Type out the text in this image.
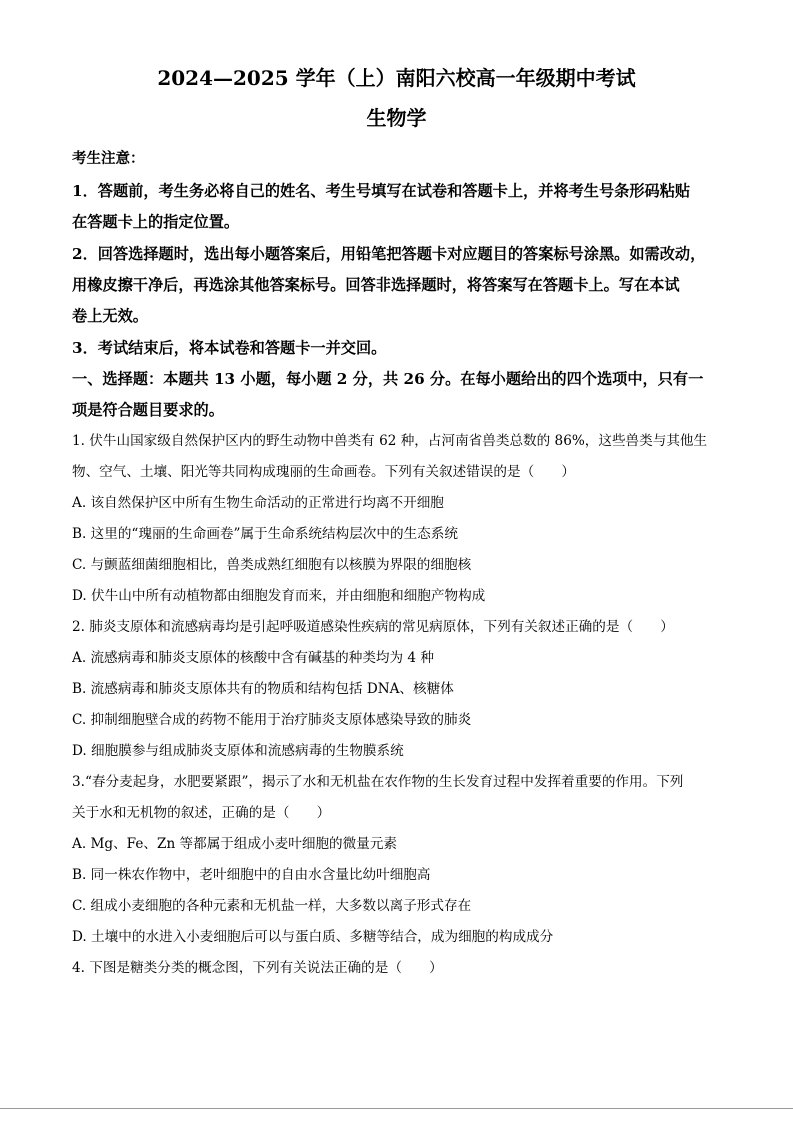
2024—2025 学年（上）南阳六校高一年级期中考试
生物学
考生注意：
1．答题前，考生务必将自己的姓名、考生号填写在试卷和答题卡上，并将考生号条形码粘贴
在答题卡上的指定位置。
2．回答选择题时，选出每小题答案后，用铅笔把答题卡对应题目的答案标号涂黑。如需改动，
用橡皮擦干净后，再选涂其他答案标号。回答非选择题时，将答案写在答题卡上。写在本试
卷上无效。
3．考试结束后，将本试卷和答题卡一并交回。
一、选择题：本题共 13 小题，每小题 2 分，共 26 分。在每小题给出的四个选项中，只有一
项是符合题目要求的。
1. 伏牛山国家级自然保护区内的野生动物中兽类有 62 种，占河南省兽类总数的 86%，这些兽类与其他生
物、空气、土壤、阳光等共同构成瑰丽的生命画卷。下列有关叙述错误的是（　　）
A. 该自然保护区中所有生物生命活动的正常进行均离不开细胞
B. 这里的“瑰丽的生命画卷”属于生命系统结构层次中的生态系统
C. 与颤蓝细菌细胞相比，兽类成熟红细胞有以核膜为界限的细胞核
D. 伏牛山中所有动植物都由细胞发育而来，并由细胞和细胞产物构成
2. 肺炎支原体和流感病毒均是引起呼吸道感染性疾病的常见病原体，下列有关叙述正确的是（　　）
A. 流感病毒和肺炎支原体的核酸中含有碱基的种类均为 4 种
B. 流感病毒和肺炎支原体共有的物质和结构包括 DNA、核糖体
C. 抑制细胞壁合成的药物不能用于治疗肺炎支原体感染导致的肺炎
D. 细胞膜参与组成肺炎支原体和流感病毒的生物膜系统
3.“春分麦起身，水肥要紧跟”，揭示了水和无机盐在农作物的生长发育过程中发挥着重要的作用。下列
关于水和无机物的叙述，正确的是（　　）
A. Mg、Fe、Zn 等都属于组成小麦叶细胞的微量元素
B. 同一株农作物中，老叶细胞中的自由水含量比幼叶细胞高
C. 组成小麦细胞的各种元素和无机盐一样，大多数以离子形式存在
D. 土壤中的水进入小麦细胞后可以与蛋白质、多糖等结合，成为细胞的构成成分
4. 下图是糖类分类的概念图，下列有关说法正确的是（　　）
